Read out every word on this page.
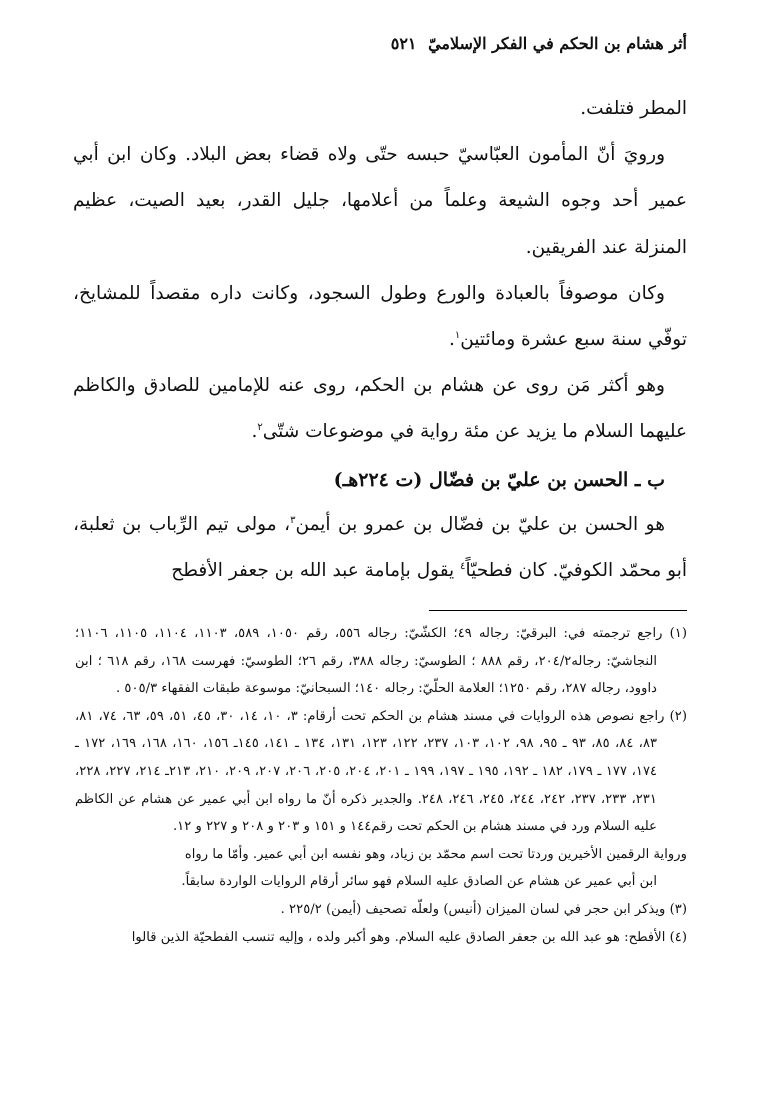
أثر هشام بن الحكم في الفكر الإسلاميّ ٥٢١

المطر فتلفت.

ورويَ أنّ المأمون العبّاسيّ حبسه حتّى ولاه قضاء بعض البلاد. وكان ابن أبي عمير أحد وجوه الشيعة وعلماً من أعلامها، جليل القدر، بعيد الصيت، عظيم المنزلة عند الفريقين.

وكان موصوفاً بالعبادة والورع وطول السجود، وكانت داره مقصداً للمشايخ، توفّي سنة سبع عشرة ومائتين$^١$.

وهو أكثر مَن روى عن هشام بن الحكم، روى عنه للإمامين للصادق والكاظم عليهما السلام ما يزيد عن مئة رواية في موضوعات شتّى$^٢$.

ب ـ الحسن بن عليّ بن فضّال (ت ٢٢٤هـ)

هو الحسن بن عليّ بن فضّال بن عمرو بن أيمن$^٣$، مولى تيم الرِّباب بن ثعلبة، أبو محمّد الكوفيّ. كان فطحيّاً$^٤$ يقول بإمامة عبد الله بن جعفر الأفطح

(١) راجع ترجمته في: البرقيّ: رجاله ٤٩؛ الكشّيّ: رجاله ٥٥٦، رقم ١٠٥٠، ٥٨٩، ١١٠٣، ١١٠٤، ١١٠٥، ١١٠٦؛ النجاشيّ: رجاله٢٠٤/٢، رقم ٨٨٨ ؛ الطوسيّ: رجاله ٣٨٨، رقم ٢٦؛ الطوسيّ: فهرست ١٦٨، رقم ٦١٨ ؛ ابن داوود، رجاله ٢٨٧، رقم ١٢٥٠؛ العلامة الحلّيّ: رجاله ١٤٠؛ السبحانيّ: موسوعة طبقات الفقهاء ٥٠٥/٣ .

(٢) راجع نصوص هذه الروايات في مسند هشام بن الحكم تحت أرقام: ٣، ١٠، ١٤، ٣٠، ٤٥، ٥١، ٥٩، ٦٣، ٧٤، ٨١، ٨٣، ٨٤، ٨٥، ٩٣ ـ ٩٥، ٩٨، ١٠٢، ١٠٣، ٢٣٧، ١٢٢، ١٢٣، ١٣١، ١٣٤ ـ ١٤١، ١٤٥ـ ١٥٦، ١٦٠، ١٦٨، ١٦٩، ١٧٢ ـ ١٧٤، ١٧٧ ـ ١٧٩، ١٨٢ ـ ١٩٢، ١٩٥ ـ ١٩٧، ١٩٩ ـ ٢٠١، ٢٠٤، ٢٠٥، ٢٠٦، ٢٠٧، ٢٠٩، ٢١٠، ٢١٣ـ ٢١٤، ٢٢٧، ٢٢٨، ٢٣١، ٢٣٣، ٢٣٧، ٢٤٢، ٢٤٤، ٢٤٥، ٢٤٦، ٢٤٨. والجدير ذكره أنّ ما رواه ابن أبي عمير عن هشام عن الكاظم عليه السلام ورد في مسند هشام بن الحكم تحت رقم١٤٤ و ١٥١ و ٢٠٣ و ٢٠٨ و ٢٢٧ و ١٢.

ورواية الرقمين الأخيرين وردتا تحت اسم محمّد بن زياد، وهو نفسه ابن أبي عمير. وأمّا ما رواه

ابن أبي عمير عن هشام عن الصادق عليه السلام فهو سائر أرقام الروايات الواردة سابقاً.

(٣) ويذكر ابن حجر في لسان الميزان (أنيس) ولعلّه تصحيف (أيمن) ٢٢٥/٢ .

(٤) الأفطح: هو عبد الله بن جعفر الصادق عليه السلام. وهو أكبر ولده ، وإليه تنسب الفطحيّة الذين قالوا
